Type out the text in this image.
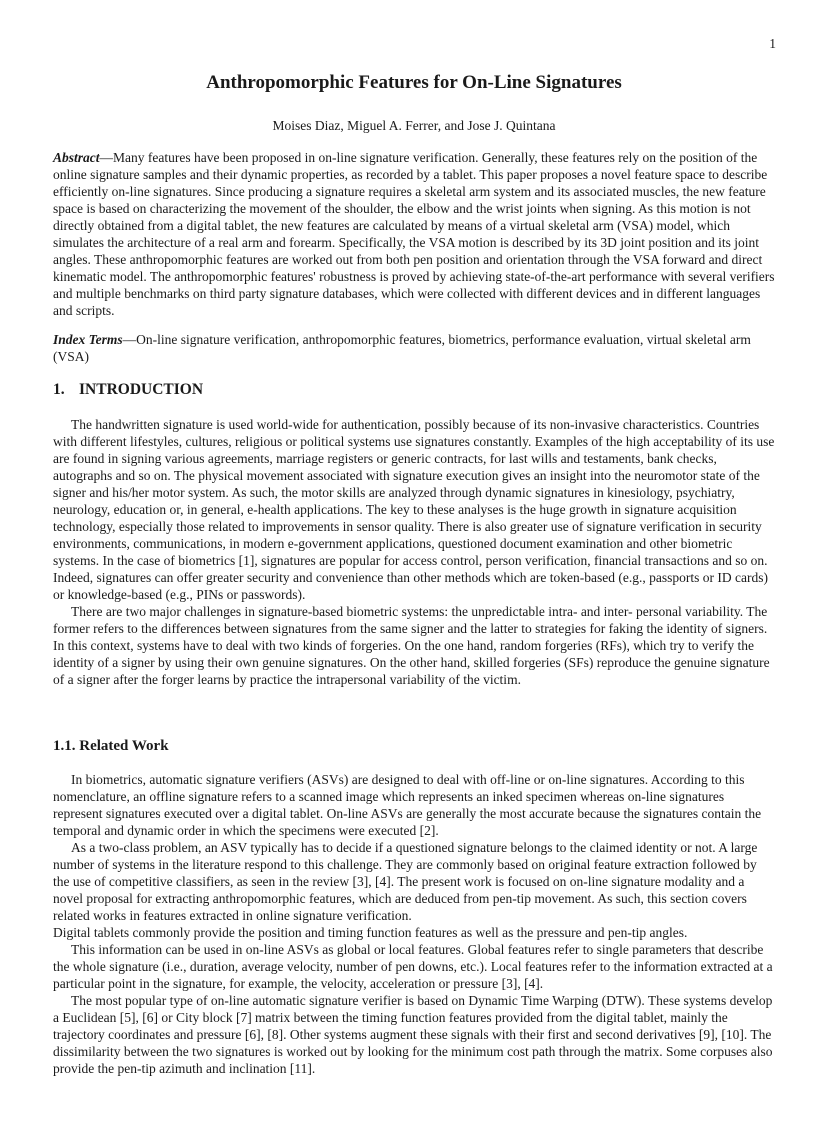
1
Anthropomorphic Features for On-Line Signatures
Moises Diaz, Miguel A. Ferrer, and Jose J. Quintana

Abstract—Many features have been proposed in on-line signature verification. Generally, these features rely on the position of the online signature samples and their dynamic properties, as recorded by a tablet. This paper proposes a novel feature space to describe efficiently on-line signatures. Since producing a signature requires a skeletal arm system and its associated muscles, the new feature space is based on characterizing the movement of the shoulder, the elbow and the wrist joints when signing. As this motion is not directly obtained from a digital tablet, the new features are calculated by means of a virtual skeletal arm (VSA) model, which simulates the architecture of a real arm and forearm. Specifically, the VSA motion is described by its 3D joint position and its joint angles. These anthropomorphic features are worked out from both pen position and orientation through the VSA forward and direct kinematic model. The anthropomorphic features' robustness is proved by achieving state-of-the-art performance with several verifiers and multiple benchmarks on third party signature databases, which were collected with different devices and in different languages and scripts.

Index Terms—On-line signature verification, anthropomorphic features, biometrics, performance evaluation, virtual skeletal arm (VSA)

1. INTRODUCTION

The handwritten signature is used world-wide for authentication, possibly because of its non-invasive characteristics. Countries with different lifestyles, cultures, religious or political systems use signatures constantly. Examples of the high acceptability of its use are found in signing various agreements, marriage registers or generic contracts, for last wills and testaments, bank checks, autographs and so on. The physical movement associated with signature execution gives an insight into the neuromotor state of the signer and his/her motor system. As such, the motor skills are analyzed through dynamic signatures in kinesiology, psychiatry, neurology, education or, in general, e-health applications. The key to these analyses is the huge growth in signature acquisition technology, especially those related to improvements in sensor quality. There is also greater use of signature verification in security environments, communications, in modern e-government applications, questioned document examination and other biometric systems. In the case of biometrics [1], signatures are popular for access control, person verification, financial transactions and so on. Indeed, signatures can offer greater security and convenience than other methods which are token-based (e.g., passports or ID cards) or knowledge-based (e.g., PINs or passwords).

There are two major challenges in signature-based biometric systems: the unpredictable intra- and inter- personal variability. The former refers to the differences between signatures from the same signer and the latter to strategies for faking the identity of signers. In this context, systems have to deal with two kinds of forgeries. On the one hand, random forgeries (RFs), which try to verify the identity of a signer by using their own genuine signatures. On the other hand, skilled forgeries (SFs) reproduce the genuine signature of a signer after the forger learns by practice the intrapersonal variability of the victim.

1.1. Related Work

In biometrics, automatic signature verifiers (ASVs) are designed to deal with off-line or on-line signatures. According to this nomenclature, an offline signature refers to a scanned image which represents an inked specimen whereas on-line signatures represent signatures executed over a digital tablet. On-line ASVs are generally the most accurate because the signatures contain the temporal and dynamic order in which the specimens were executed [2].

As a two-class problem, an ASV typically has to decide if a questioned signature belongs to the claimed identity or not. A large number of systems in the literature respond to this challenge. They are commonly based on original feature extraction followed by the use of competitive classifiers, as seen in the review [3], [4]. The present work is focused on on-line signature modality and a novel proposal for extracting anthropomorphic features, which are deduced from pen-tip movement. As such, this section covers related works in features extracted in online signature verification.

Digital tablets commonly provide the position and timing function features as well as the pressure and pen-tip angles.

This information can be used in on-line ASVs as global or local features. Global features refer to single parameters that describe the whole signature (i.e., duration, average velocity, number of pen downs, etc.). Local features refer to the information extracted at a particular point in the signature, for example, the velocity, acceleration or pressure [3], [4].

The most popular type of on-line automatic signature verifier is based on Dynamic Time Warping (DTW). These systems develop a Euclidean [5], [6] or City block [7] matrix between the timing function features provided from the digital tablet, mainly the trajectory coordinates and pressure [6], [8]. Other systems augment these signals with their first and second derivatives [9], [10]. The dissimilarity between the two signatures is worked out by looking for the minimum cost path through the matrix. Some corpuses also provide the pen-tip azimuth and inclination [11].
